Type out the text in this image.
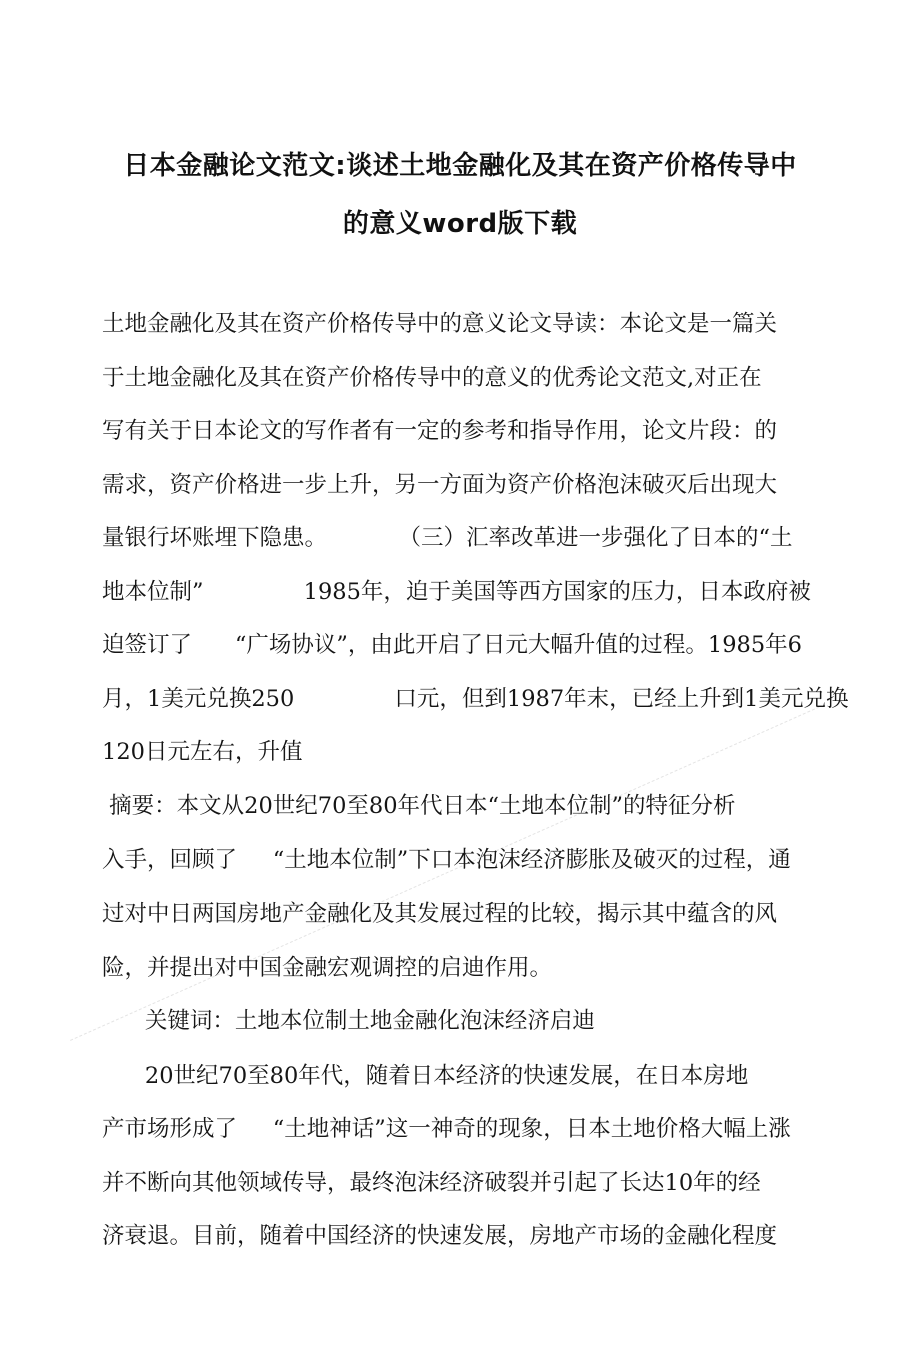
日本金融论文范文:谈述土地金融化及其在资产价格传导中
的意义word版下载
土地金融化及其在资产价格传导中的意义论文导读：本论文是一篇关
于土地金融化及其在资产价格传导中的意义的优秀论文范文,对正在
写有关于日本论文的写作者有一定的参考和指导作用，论文片段：的
需求，资产价格进一步上升，另一方面为资产价格泡沫破灭后出现大
量银行坏账埋下隐患。          （三）汇率改革进一步强化了日本的“土
地本位制”              1985年，迫于美国等西方国家的压力，日本政府被
迫签订了      “广场协议”，由此开启了日元大幅升值的过程。1985年6
月，1美元兑换250              口元，但到1987年末，已经上升到1美元兑换
120日元左右，升值
摘要：本文从20世纪70至80年代日本“土地本位制”的特征分析
入手，回顾了     “土地本位制”下口本泡沫经济膨胀及破灭的过程，通
过对中日两国房地产金融化及其发展过程的比较，揭示其中蕴含的风
险，并提出对中国金融宏观调控的启迪作用。
关键词：土地本位制土地金融化泡沫经济启迪
20世纪70至80年代，随着日本经济的快速发展，在日本房地
产市场形成了     “土地神话”这一神奇的现象，日本土地价格大幅上涨
并不断向其他领域传导，最终泡沫经济破裂并引起了长达10年的经
济衰退。目前，随着中国经济的快速发展，房地产市场的金融化程度
